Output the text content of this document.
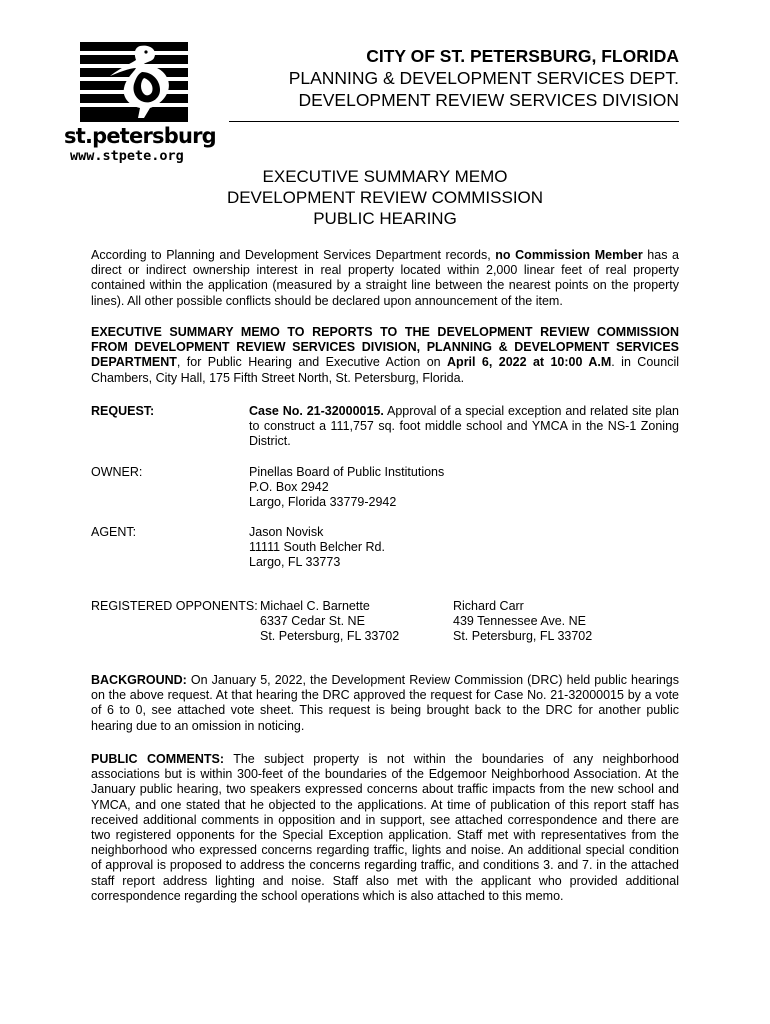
st.petersburg
www.stpete.org
CITY OF ST. PETERSBURG, FLORIDA
PLANNING & DEVELOPMENT SERVICES DEPT.
DEVELOPMENT REVIEW SERVICES DIVISION
EXECUTIVE SUMMARY MEMO
DEVELOPMENT REVIEW COMMISSION
PUBLIC HEARING
According to Planning and Development Services Department records, no Commission Member has a direct or indirect ownership interest in real property located within 2,000 linear feet of real property contained within the application (measured by a straight line between the nearest points on the property lines). All other possible conflicts should be declared upon announcement of the item.
EXECUTIVE SUMMARY MEMO TO REPORTS TO THE DEVELOPMENT REVIEW COMMISSION FROM DEVELOPMENT REVIEW SERVICES DIVISION, PLANNING & DEVELOPMENT SERVICES DEPARTMENT, for Public Hearing and Executive Action on April 6, 2022 at 10:00 A.M. in Council Chambers, City Hall, 175 Fifth Street North, St. Petersburg, Florida.
REQUEST:	Case No. 21-32000015. Approval of a special exception and related site plan to construct a 111,757 sq. foot middle school and YMCA in the NS-1 Zoning District.
OWNER:	Pinellas Board of Public Institutions
P.O. Box 2942
Largo, Florida 33779-2942
AGENT:	Jason Novisk
11111 South Belcher Rd.
Largo, FL 33773
REGISTERED OPPONENTS: Michael C. Barnette
6337 Cedar St. NE
St. Petersburg, FL 33702
Richard Carr
439 Tennessee Ave. NE
St. Petersburg, FL 33702
BACKGROUND: On January 5, 2022, the Development Review Commission (DRC) held public hearings on the above request. At that hearing the DRC approved the request for Case No. 21-32000015 by a vote of 6 to 0, see attached vote sheet. This request is being brought back to the DRC for another public hearing due to an omission in noticing.
PUBLIC COMMENTS: The subject property is not within the boundaries of any neighborhood associations but is within 300-feet of the boundaries of the Edgemoor Neighborhood Association. At the January public hearing, two speakers expressed concerns about traffic impacts from the new school and YMCA, and one stated that he objected to the applications. At time of publication of this report staff has received additional comments in opposition and in support, see attached correspondence and there are two registered opponents for the Special Exception application. Staff met with representatives from the neighborhood who expressed concerns regarding traffic, lights and noise. An additional special condition of approval is proposed to address the concerns regarding traffic, and conditions 3. and 7. in the attached staff report address lighting and noise. Staff also met with the applicant who provided additional correspondence regarding the school operations which is also attached to this memo.
